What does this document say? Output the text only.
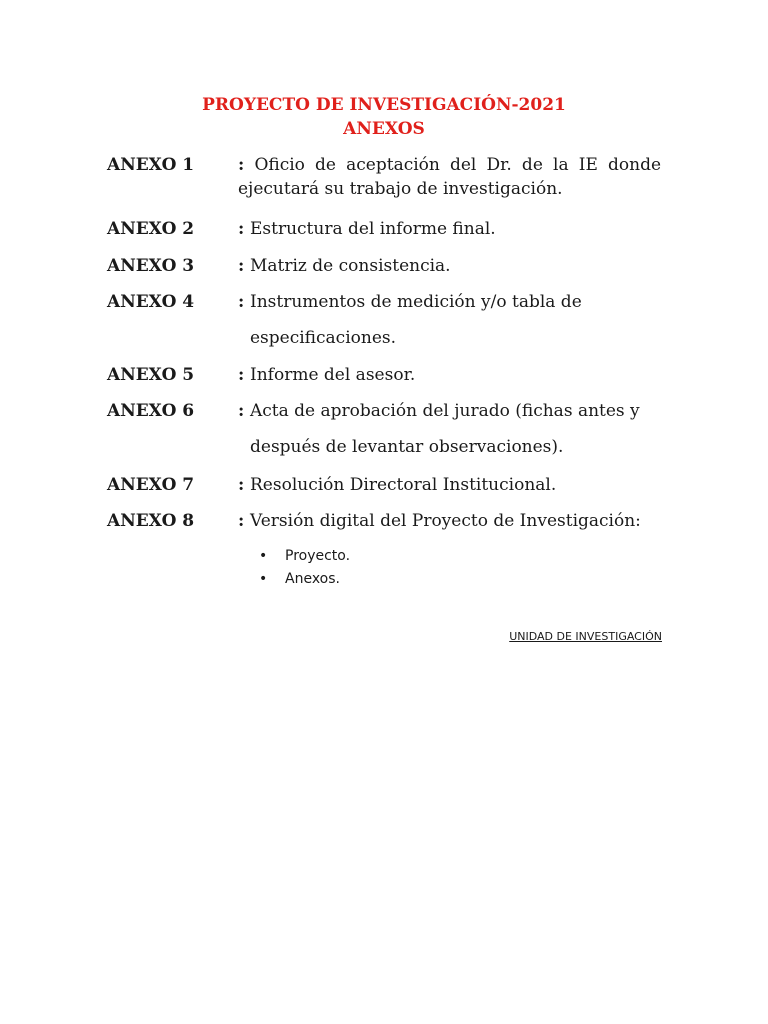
PROYECTO DE INVESTIGACIÓN-2021
ANEXOS
ANEXO 1	: Oficio de aceptación del Dr. de la IE donde
ejecutará su trabajo de investigación.
ANEXO 2	: Estructura del informe final.
ANEXO 3	: Matriz de consistencia.
ANEXO 4	: Instrumentos de medición y/o tabla de
especificaciones.
ANEXO 5	: Informe del asesor.
ANEXO 6	: Acta de aprobación del jurado (fichas antes y
después de levantar observaciones).
ANEXO 7	: Resolución Directoral Institucional.
ANEXO 8	: Versión digital del Proyecto de Investigación:
• Proyecto.
• Anexos.
UNIDAD DE INVESTIGACIÓN
